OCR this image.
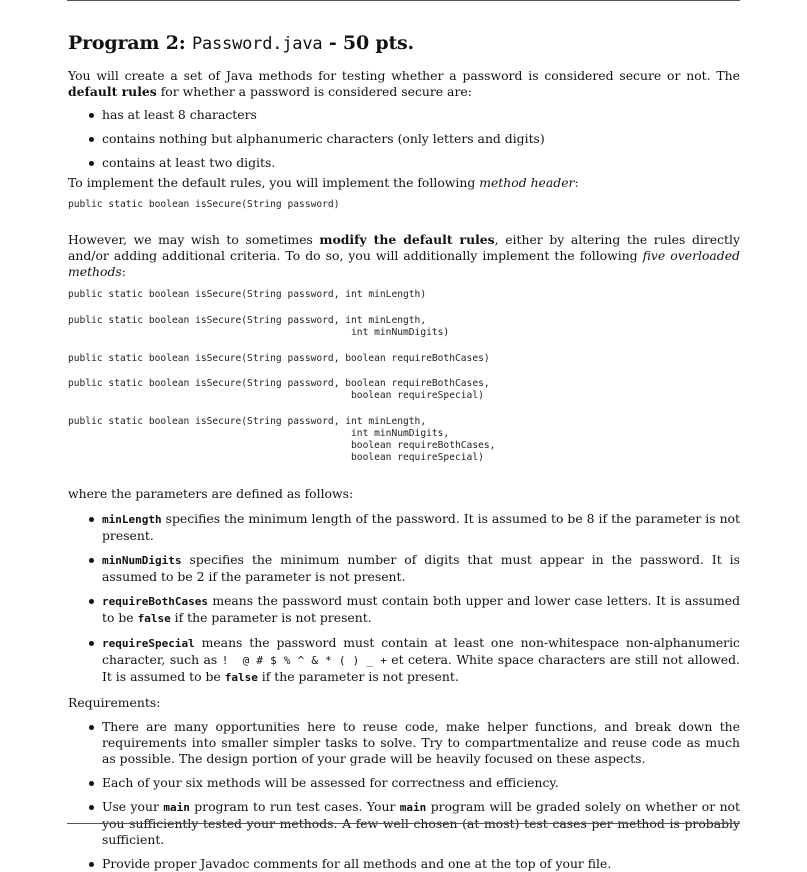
Program 2: Password.java - 50 pts.

You will create a set of Java methods for testing whether a password is considered secure or not. The default rules for whether a password is considered secure are:

has at least 8 characters
contains nothing but alphanumeric characters (only letters and digits)
contains at least two digits.

To implement the default rules, you will implement the following method header:

public static boolean isSecure(String password)

However, we may wish to sometimes modify the default rules, either by altering the rules directly and/or adding additional criteria. To do so, you will additionally implement the following five overloaded methods:

public static boolean isSecure(String password, int minLength)
public static boolean isSecure(String password, int minLength,
int minNumDigits)
public static boolean isSecure(String password, boolean requireBothCases)
public static boolean isSecure(String password, boolean requireBothCases,
boolean requireSpecial)
public static boolean isSecure(String password, int minLength,
int minNumDigits,
boolean requireBothCases,
boolean requireSpecial)

where the parameters are defined as follows:

minLength specifies the minimum length of the password. It is assumed to be 8 if the parameter is not present.
minNumDigits specifies the minimum number of digits that must appear in the password. It is assumed to be 2 if the parameter is not present.
requireBothCases means the password must contain both upper and lower case letters. It is assumed to be false if the parameter is not present.
requireSpecial means the password must contain at least one non-whitespace non-alphanumeric character, such as !  @ # $ % ^ & * ( ) _ + et cetera. White space characters are still not allowed. It is assumed to be false if the parameter is not present.

Requirements:

There are many opportunities here to reuse code, make helper functions, and break down the requirements into smaller simpler tasks to solve. Try to compartmentalize and reuse code as much as possible. The design portion of your grade will be heavily focused on these aspects.
Each of your six methods will be assessed for correctness and efficiency.
Use your main program to run test cases. Your main program will be graded solely on whether or not you sufficiently tested your methods. A few well chosen (at most) test cases per method is probably sufficient.
Provide proper Javadoc comments for all methods and one at the top of your file.
